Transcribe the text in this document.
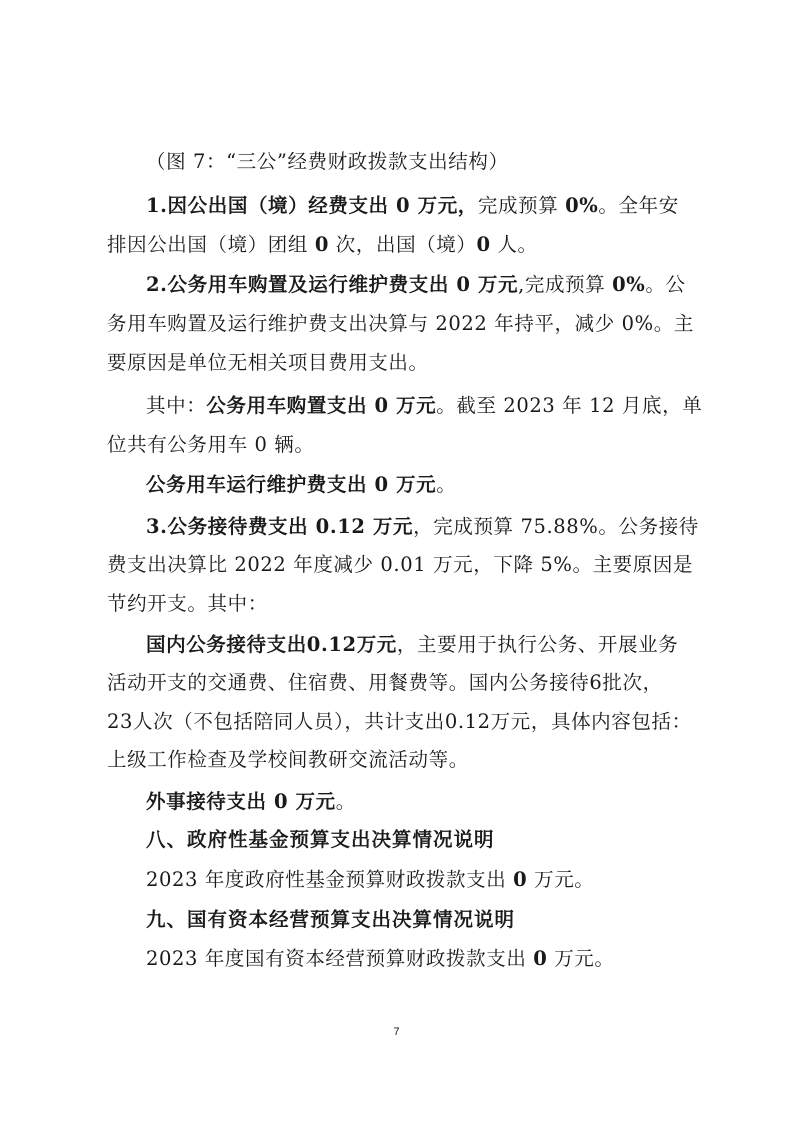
（图 7：“三公”经费财政拨款支出结构）
1.因公出国（境）经费支出 0 万元，完成预算 0%。全年安
排因公出国（境）团组 0 次，出国（境）0 人。
2.公务用车购置及运行维护费支出 0 万元,完成预算 0%。公
务用车购置及运行维护费支出决算与 2022 年持平，减少 0%。主
要原因是单位无相关项目费用支出。
其中：公务用车购置支出 0 万元。截至 2023 年 12 月底，单
位共有公务用车 0 辆。
公务用车运行维护费支出 0 万元。
3.公务接待费支出 0.12 万元，完成预算 75.88%。公务接待
费支出决算比 2022 年度减少 0.01 万元，下降 5%。主要原因是
节约开支。其中：
国内公务接待支出0.12万元，主要用于执行公务、开展业务
活动开支的交通费、住宿费、用餐费等。国内公务接待6批次，
23人次（不包括陪同人员），共计支出0.12万元，具体内容包括：
上级工作检查及学校间教研交流活动等。
外事接待支出 0 万元。
八、政府性基金预算支出决算情况说明
2023 年度政府性基金预算财政拨款支出 0 万元。
九、国有资本经营预算支出决算情况说明
2023 年度国有资本经营预算财政拨款支出 0 万元。
7
